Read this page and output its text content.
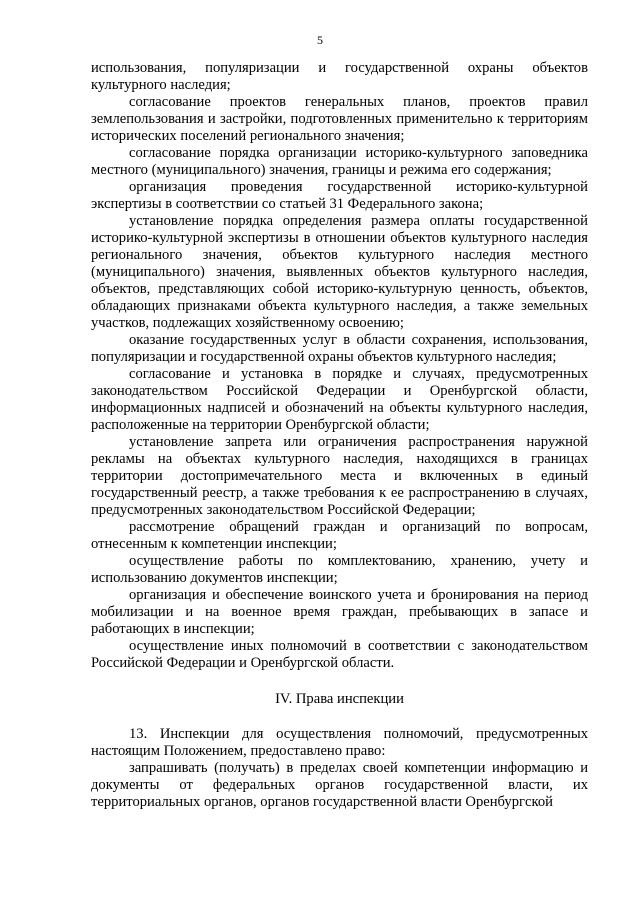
5

использования, популяризации и государственной охраны объектов культурного наследия;

согласование проектов генеральных планов, проектов правил землепользования и застройки, подготовленных применительно к территориям исторических поселений регионального значения;

согласование порядка организации историко-культурного заповедника местного (муниципального) значения, границы и режима его содержания;

организация проведения государственной историко-культурной экспертизы в соответствии со статьей 31 Федерального закона;

установление порядка определения размера оплаты государственной историко-культурной экспертизы в отношении объектов культурного наследия регионального значения, объектов культурного наследия местного (муниципального) значения, выявленных объектов культурного наследия, объектов, представляющих собой историко-культурную ценность, объектов, обладающих признаками объекта культурного наследия, а также земельных участков, подлежащих хозяйственному освоению;

оказание государственных услуг в области сохранения, использования, популяризации и государственной охраны объектов культурного наследия;

согласование и установка в порядке и случаях, предусмотренных законодательством Российской Федерации и Оренбургской области, информационных надписей и обозначений на объекты культурного наследия, расположенные на территории Оренбургской области;

установление запрета или ограничения распространения наружной рекламы на объектах культурного наследия, находящихся в границах территории достопримечательного места и включенных в единый государственный реестр, а также требования к ее распространению в случаях, предусмотренных законодательством Российской Федерации;

рассмотрение обращений граждан и организаций по вопросам, отнесенным к компетенции инспекции;

осуществление работы по комплектованию, хранению, учету и использованию документов инспекции;

организация и обеспечение воинского учета и бронирования на период мобилизации и на военное время граждан, пребывающих в запасе и работающих в инспекции;

осуществление иных полномочий в соответствии с законодательством Российской Федерации и Оренбургской области.

IV. Права инспекции

13. Инспекции для осуществления полномочий, предусмотренных настоящим Положением, предоставлено право:

запрашивать (получать) в пределах своей компетенции информацию и документы от федеральных органов государственной власти, их территориальных органов, органов государственной власти Оренбургской
